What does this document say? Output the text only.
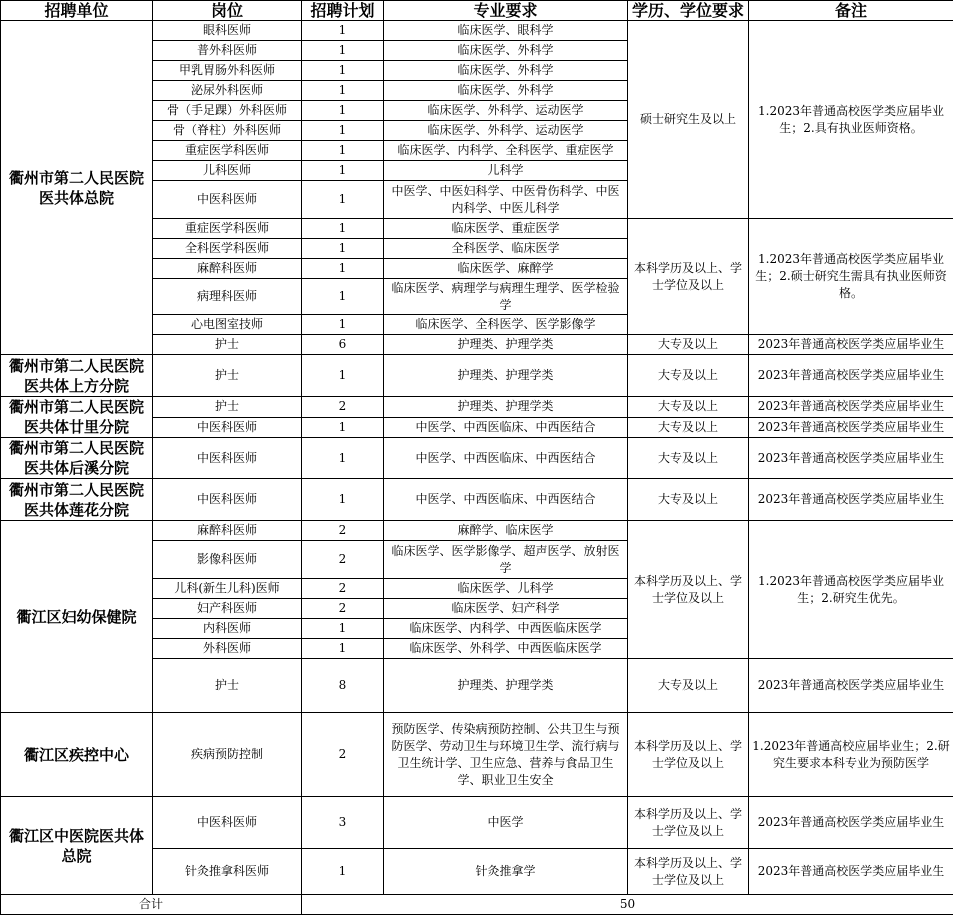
招聘单位	岗位	招聘计划	专业要求	学历、学位要求	备注
衢州市第二人民医院医共体总院	眼科医师	1	临床医学、眼科学	硕士研究生及以上	1.2023年普通高校医学类应届毕业生；2.具有执业医师资格。
	普外科医师	1	临床医学、外科学		
	甲乳胃肠外科医师	1	临床医学、外科学		
	泌尿外科医师	1	临床医学、外科学		
	骨（手足踝）外科医师	1	临床医学、外科学、运动医学		
	骨（脊柱）外科医师	1	临床医学、外科学、运动医学		
	重症医学科医师	1	临床医学、内科学、全科医学、重症医学		
	儿科医师	1	儿科学		
	中医科医师	1	中医学、中医妇科学、中医骨伤科学、中医内科学、中医儿科学		
	重症医学科医师	1	临床医学、重症医学	本科学历及以上、学士学位及以上	1.2023年普通高校医学类应届毕业生；2.硕士研究生需具有执业医师资格。
	全科医学科医师	1	全科医学、临床医学		
	麻醉科医师	1	临床医学、麻醉学		
	病理科医师	1	临床医学、病理学与病理生理学、医学检验学		
	心电图室技师	1	临床医学、全科医学、医学影像学		
	护士	6	护理类、护理学类	大专及以上	2023年普通高校医学类应届毕业生
衢州市第二人民医院医共体上方分院	护士	1	护理类、护理学类	大专及以上	2023年普通高校医学类应届毕业生
衢州市第二人民医院医共体廿里分院	护士	2	护理类、护理学类	大专及以上	2023年普通高校医学类应届毕业生
	中医科医师	1	中医学、中西医临床、中西医结合	大专及以上	2023年普通高校医学类应届毕业生
衢州市第二人民医院医共体后溪分院	中医科医师	1	中医学、中西医临床、中西医结合	大专及以上	2023年普通高校医学类应届毕业生
衢州市第二人民医院医共体莲花分院	中医科医师	1	中医学、中西医临床、中西医结合	大专及以上	2023年普通高校医学类应届毕业生
衢江区妇幼保健院	麻醉科医师	2	麻醉学、临床医学	本科学历及以上、学士学位及以上	1.2023年普通高校医学类应届毕业生；2.研究生优先。
	影像科医师	2	临床医学、医学影像学、超声医学、放射医学		
	儿科(新生儿科)医师	2	临床医学、儿科学		
	妇产科医师	2	临床医学、妇产科学		
	内科医师	1	临床医学、内科学、中西医临床医学		
	外科医师	1	临床医学、外科学、中西医临床医学		
	护士	8	护理类、护理学类	大专及以上	2023年普通高校医学类应届毕业生
衢江区疾控中心	疾病预防控制	2	预防医学、传染病预防控制、公共卫生与预防医学、劳动卫生与环境卫生学、流行病与卫生统计学、卫生应急、营养与食品卫生学、职业卫生安全	本科学历及以上、学士学位及以上	1.2023年普通高校应届毕业生；2.研究生要求本科专业为预防医学
衢江区中医院医共体总院	中医科医师	3	中医学	本科学历及以上、学士学位及以上	2023年普通高校医学类应届毕业生
	针灸推拿科医师	1	针灸推拿学	本科学历及以上、学士学位及以上	2023年普通高校医学类应届毕业生
合计		50			
